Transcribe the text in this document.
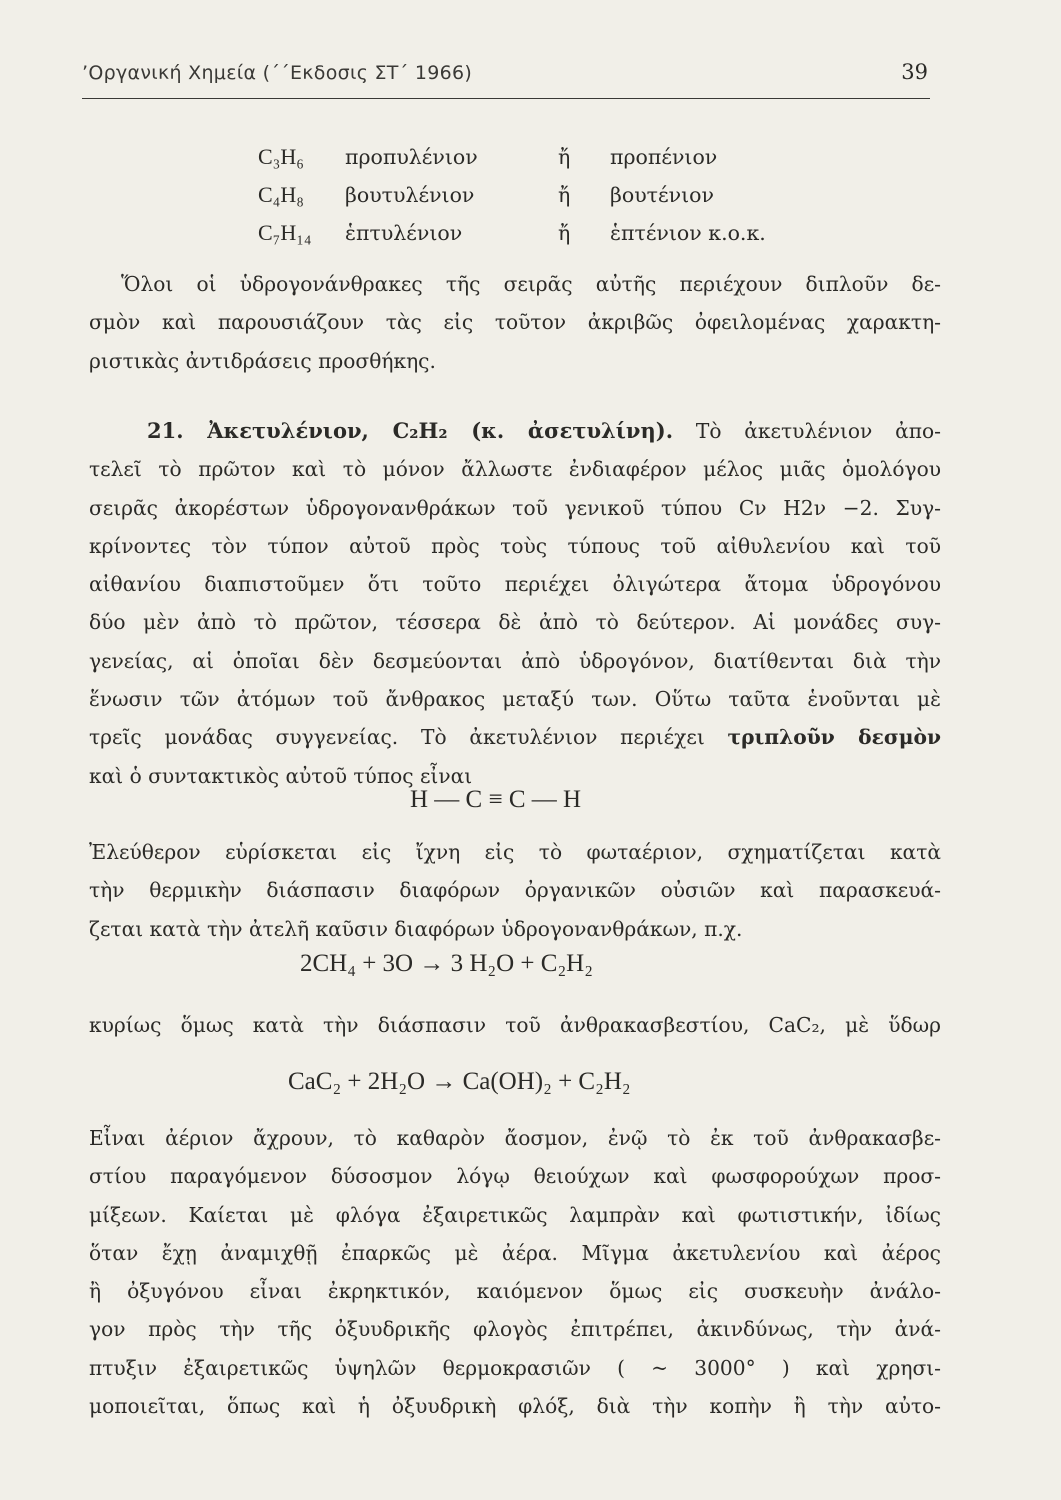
’Οργανική Χημεία (΄΄Εκδοσις ΣΤ΄ 1966)	39
C₃H₆ προπυλένιον	ἤ προπένιον
C₄H₈ βουτυλένιον	ἤ βουτένιον
C₇H₁₄ ἑπτυλένιον	ἤ ἑπτένιον κ.ο.κ.
Ὅλοι οἱ ὑδρογονάνθρακες τῆς σειρᾶς αὐτῆς περιέχουν διπλοῦν δε-
σμὸν καὶ παρουσιάζουν τὰς εἰς τοῦτον ἀκριβῶς ὀφειλομένας χαρακτη-
ριστικὰς ἀντιδράσεις προσθήκης.
21. Ἀκετυλένιον, C₂H₂ (κ. ἀσετυλίνη). Τὸ ἀκετυλένιον ἀπο-
τελεῖ τὸ πρῶτον καὶ τὸ μόνον ἄλλωστε ἐνδιαφέρον μέλος μιᾶς ὁμολόγου
σειρᾶς ἀκορέστων ὑδρογονανθράκων τοῦ γενικοῦ τύπου Cν H2ν −2. Συγ-
κρίνοντες τὸν τύπον αὐτοῦ πρὸς τοὺς τύπους τοῦ αἰθυλενίου καὶ τοῦ
αἰθανίου διαπιστοῦμεν ὅτι τοῦτο περιέχει ὀλιγώτερα ἄτομα ὑδρογόνου
δύο μὲν ἀπὸ τὸ πρῶτον, τέσσερα δὲ ἀπὸ τὸ δεύτερον. Αἱ μονάδες συγ-
γενείας, αἱ ὁποῖαι δὲν δεσμεύονται ἀπὸ ὑδρογόνον, διατίθενται διὰ τὴν
ἕνωσιν τῶν ἀτόμων τοῦ ἄνθρακος μεταξύ των. Οὕτω ταῦτα ἑνοῦνται μὲ
τρεῖς μονάδας συγγενείας. Τὸ ἀκετυλένιον περιέχει τριπλοῦν δεσμὸν
καὶ ὁ συντακτικὸς αὐτοῦ τύπος εἶναι
H — C ≡ C — H
Ἐλεύθερον εὑρίσκεται εἰς ἴχνη εἰς τὸ φωταέριον, σχηματίζεται κατὰ
τὴν θερμικὴν διάσπασιν διαφόρων ὀργανικῶν οὐσιῶν καὶ παρασκευά-
ζεται κατὰ τὴν ἀτελῆ καῦσιν διαφόρων ὑδρογονανθράκων, π.χ.
2CH₄ + 3O → 3 H₂O + C₂H₂
κυρίως ὅμως κατὰ τὴν διάσπασιν τοῦ ἀνθρακασβεστίου, CaC₂, μὲ ὕδωρ
CaC₂ + 2H₂O → Ca(OH)₂ + C₂H₂
Εἶναι ἀέριον ἄχρουν, τὸ καθαρὸν ἄοσμον, ἐνῷ τὸ ἐκ τοῦ ἀνθρακασβε-
στίου παραγόμενον δύσοσμον λόγῳ θειούχων καὶ φωσφορούχων προσ-
μίξεων. Καίεται μὲ φλόγα ἐξαιρετικῶς λαμπρὰν καὶ φωτιστικήν, ἰδίως
ὅταν ἔχῃ ἀναμιχθῇ ἐπαρκῶς μὲ ἀέρα. Μῖγμα ἀκετυλενίου καὶ ἀέρος
ἢ ὀξυγόνου εἶναι ἐκρηκτικόν, καιόμενον ὅμως εἰς συσκευὴν ἀνάλο-
γον πρὸς τὴν τῆς ὀξυυδρικῆς φλογὸς ἐπιτρέπει, ἀκινδύνως, τὴν ἀνά-
πτυξιν ἐξαιρετικῶς ὑψηλῶν θερμοκρασιῶν ( ~ 3000° ) καὶ χρησι-
μοποιεῖται, ὅπως καὶ ἡ ὀξυυδρικὴ φλόξ, διὰ τὴν κοπὴν ἢ τὴν αὐτο-
